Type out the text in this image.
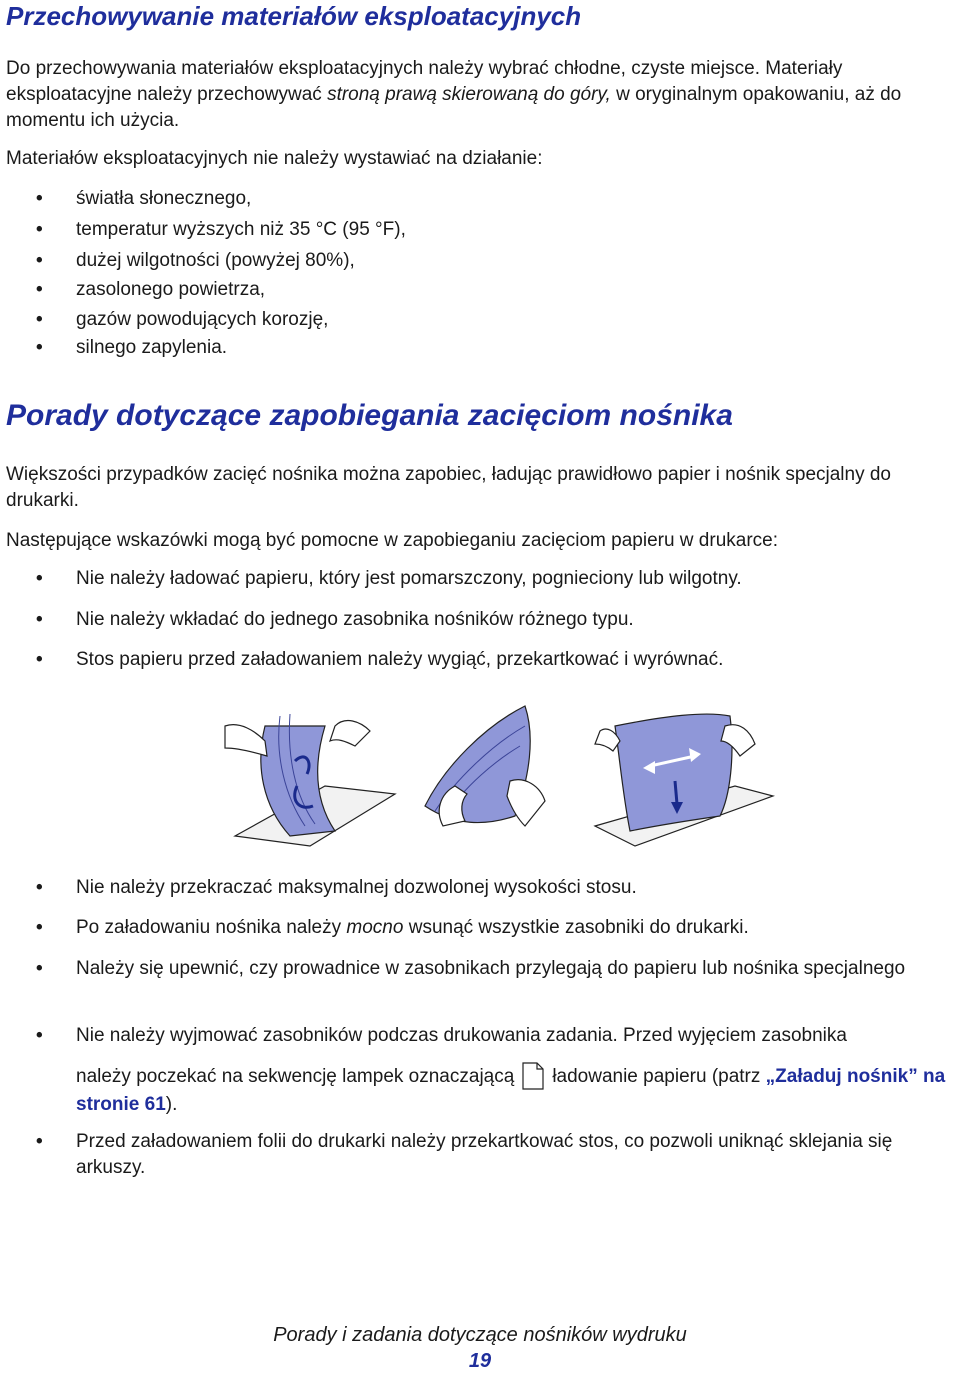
Przechowywanie materiałów eksploatacyjnych

Do przechowywania materiałów eksploatacyjnych należy wybrać chłodne, czyste miejsce. Materiały eksploatacyjne należy przechowywać stroną prawą skierowaną do góry, w oryginalnym opakowaniu, aż do momentu ich użycia.

Materiałów eksploatacyjnych nie należy wystawiać na działanie:

• światła słonecznego,
• temperatur wyższych niż 35 °C (95 °F),
• dużej wilgotności (powyżej 80%),
• zasolonego powietrza,
• gazów powodujących korozję,
• silnego zapylenia.
Porady dotyczące zapobiegania zacięciom nośnika

Większości przypadków zacięć nośnika można zapobiec, ładując prawidłowo papier i nośnik specjalny do drukarki.

Następujące wskazówki mogą być pomocne w zapobieganiu zacięciom papieru w drukarce:

• Nie należy ładować papieru, który jest pomarszczony, pognieciony lub wilgotny.
• Nie należy wkładać do jednego zasobnika nośników różnego typu.
• Stos papieru przed załadowaniem należy wygiąć, przekartkować i wyrównać.
• Nie należy przekraczać maksymalnej dozwolonej wysokości stosu.
• Po załadowaniu nośnika należy mocno wsunąć wszystkie zasobniki do drukarki.
• Należy się upewnić, czy prowadnice w zasobnikach przylegają do papieru lub nośnika specjalnego
• Nie należy wyjmować zasobników podczas drukowania zadania. Przed wyjęciem zasobnika
należy poczekać na sekwencję lampek oznaczającą ładowanie papieru (patrz „Załaduj nośnik” na stronie 61).
• Przed załadowaniem folii do drukarki należy przekartkować stos, co pozwoli uniknąć sklejania się arkuszy.
Porady i zadania dotyczące nośników wydruku
19
